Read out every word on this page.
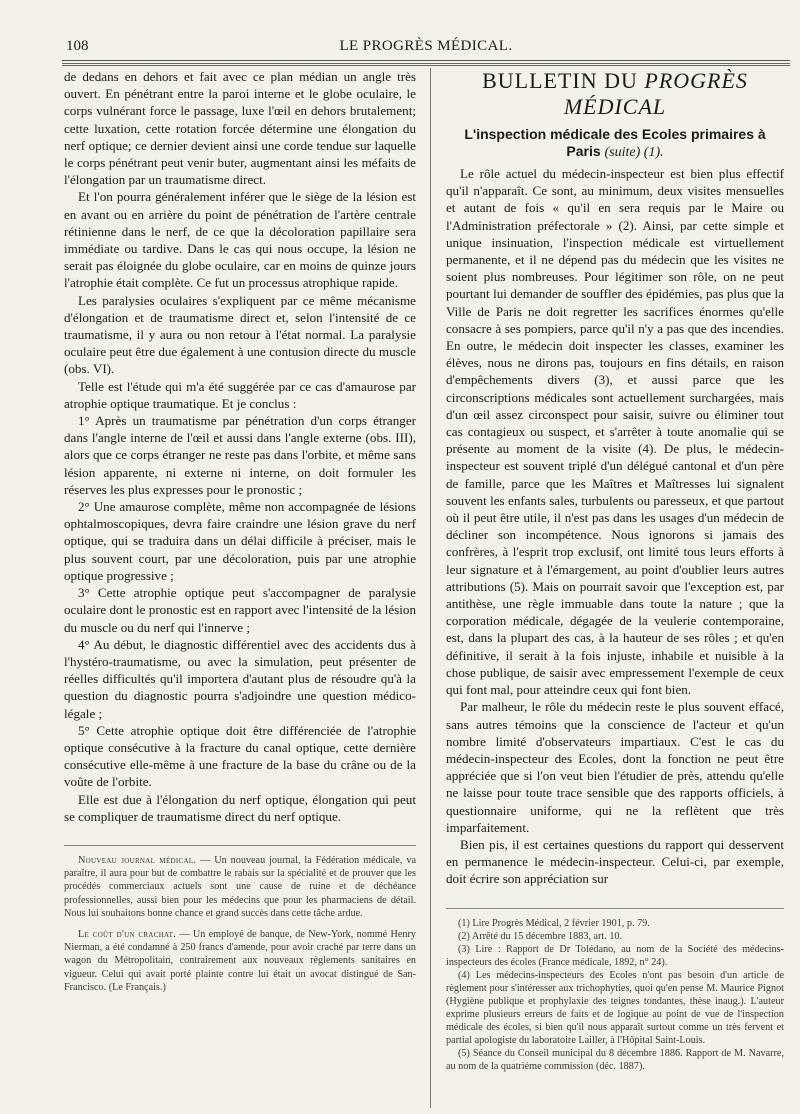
108	LE PROGRÈS MÉDICAL.

de dedans en dehors et fait avec ce plan médian un angle très ouvert. En pénétrant entre la paroi interne et le globe oculaire, le corps vulnérant force le passage, luxe l'œil en dehors brutalement; cette luxation, cette rotation forcée détermine une élongation du nerf optique; ce dernier devient ainsi une corde tendue sur laquelle le corps pénétrant peut venir buter, augmentant ainsi les méfaits de l'élongation par un traumatisme direct.

Et l'on pourra généralement inférer que le siège de la lésion est en avant ou en arrière du point de pénétration de l'artère centrale rétinienne dans le nerf, de ce que la décoloration papillaire sera immédiate ou tardive. Dans le cas qui nous occupe, la lésion ne serait pas éloignée du globe oculaire, car en moins de quinze jours l'atrophie était complète. Ce fut un processus atrophique rapide.

Les paralysies oculaires s'expliquent par ce même mécanisme d'élongation et de traumatisme direct et, selon l'intensité de ce traumatisme, il y aura ou non retour à l'état normal. La paralysie oculaire peut être due également à une contusion directe du muscle (obs. VI).

Telle est l'étude qui m'a été suggérée par ce cas d'amaurose par atrophie optique traumatique. Et je conclus :

1° Après un traumatisme par pénétration d'un corps étranger dans l'angle interne de l'œil et aussi dans l'angle externe (obs. III), alors que ce corps étranger ne reste pas dans l'orbite, et même sans lésion apparente, ni externe ni interne, on doit formuler les réserves les plus expresses pour le pronostic ;

2° Une amaurose complète, même non accompagnée de lésions ophtalmoscopiques, devra faire craindre une lésion grave du nerf optique, qui se traduira dans un délai difficile à préciser, mais le plus souvent court, par une décoloration, puis par une atrophie optique progressive ;

3° Cette atrophie optique peut s'accompagner de paralysie oculaire dont le pronostic est en rapport avec l'intensité de la lésion du muscle ou du nerf qui l'innerve ;

4° Au début, le diagnostic différentiel avec des accidents dus à l'hystéro-traumatisme, ou avec la simulation, peut présenter de réelles difficultés qu'il importera d'autant plus de résoudre qu'à la question du diagnostic pourra s'adjoindre une question médico-légale ;

5° Cette atrophie optique doit être différenciée de l'atrophie optique consécutive à la fracture du canal optique, cette dernière consécutive elle-même à une fracture de la base du crâne ou de la voûte de l'orbite.

Elle est due à l'élongation du nerf optique, élongation qui peut se compliquer de traumatisme direct du nerf optique.

Nouveau journal médical. — Un nouveau journal, la Fédération médicale, va paraître, il aura pour but de combattre le rabais sur la spécialité et de prouver que les procédés commerciaux actuels sont une cause de ruine et de déchéance professionnelles, aussi bien pour les médecins que pour les pharmaciens de détail. Nous lui souhaitons bonne chance et grand succès dans cette tâche ardue.

Le coût d'un crachat. — Un employé de banque, de New-York, nommé Henry Nierman, a été condamné à 250 francs d'amende, pour avoir craché par terre dans un wagon du Métropolitain, contrairement aux nouveaux règlements sanitaires en vigueur. Celui qui avait porté plainte contre lui était un avocat distingué de San-Francisco. (Le Français.)

BULLETIN DU PROGRÈS MÉDICAL
L'inspection médicale des Ecoles primaires à Paris (suite) (1).

Le rôle actuel du médecin-inspecteur est bien plus effectif qu'il n'apparaît. Ce sont, au minimum, deux visites mensuelles et autant de fois « qu'il en sera requis par le Maire ou l'Administration préfectorale » (2). Ainsi, par cette simple et unique insinuation, l'inspection médicale est virtuellement permanente, et il ne dépend pas du médecin que les visites ne soient plus nombreuses. Pour légitimer son rôle, on ne peut pourtant lui demander de souffler des épidémies, pas plus que la Ville de Paris ne doit regretter les sacrifices énormes qu'elle consacre à ses pompiers, parce qu'il n'y a pas que des incendies. En outre, le médecin doit inspecter les classes, examiner les élèves, nous ne dirons pas, toujours en fins détails, en raison d'empêchements divers (3), et aussi parce que les circonscriptions médicales sont actuellement surchargées, mais d'un œil assez circonspect pour saisir, suivre ou éliminer tout cas contagieux ou suspect, et s'arrêter à toute anomalie qui se présente au moment de la visite (4). De plus, le médecin-inspecteur est souvent triplé d'un délégué cantonal et d'un père de famille, parce que les Maîtres et Maîtresses lui signalent souvent les enfants sales, turbulents ou paresseux, et que partout où il peut être utile, il n'est pas dans les usages d'un médecin de décliner son incompétence. Nous ignorons si jamais des confrères, à l'esprit trop exclusif, ont limité tous leurs efforts à leur signature et à l'émargement, au point d'oublier leurs autres attributions (5). Mais on pourrait savoir que l'exception est, par antithèse, une règle immuable dans toute la nature ; que la corporation médicale, dégagée de la veulerie contemporaine, est, dans la plupart des cas, à la hauteur de ses rôles ; et qu'en définitive, il serait à la fois injuste, inhabile et nuisible à la chose publique, de saisir avec empressement l'exemple de ceux qui font mal, pour atteindre ceux qui font bien.

Par malheur, le rôle du médecin reste le plus souvent effacé, sans autres témoins que la conscience de l'acteur et qu'un nombre limité d'observateurs impartiaux. C'est le cas du médecin-inspecteur des Ecoles, dont la fonction ne peut être appréciée que si l'on veut bien l'étudier de près, attendu qu'elle ne laisse pour toute trace sensible que des rapports officiels, à questionnaire uniforme, qui ne la reflètent que très imparfaitement.

Bien pis, il est certaines questions du rapport qui desservent en permanence le médecin-inspecteur. Celui-ci, par exemple, doit écrire son appréciation sur

(1) Lire Progrès Médical, 2 février 1901, p. 79.

(2) Arrêté du 15 décembre 1883, art. 10.

(3) Lire : Rapport de Dr Tolédano, au nom de la Société des médecins-inspecteurs des écoles (France médicale, 1892, n° 24).

(4) Les médecins-inspecteurs des Ecoles n'ont pas besoin d'un article de règlement pour s'intéresser aux trichophyties, quoi qu'en pense M. Maurice Pignot (Hygiène publique et prophylaxie des teignes tondantes, thèse inaug.). L'auteur exprime plusieurs erreurs de faits et de logique au point de vue de l'inspection médicale des écoles, si bien qu'il nous apparaît surtout comme un très fervent et partial apologiste du laboratoire Lailler, à l'Hôpital Saint-Louis.

(5) Séance du Conseil municipal du 8 décembre 1886. Rapport de M. Navarre, au nom de la quatrième commission (déc. 1887).
